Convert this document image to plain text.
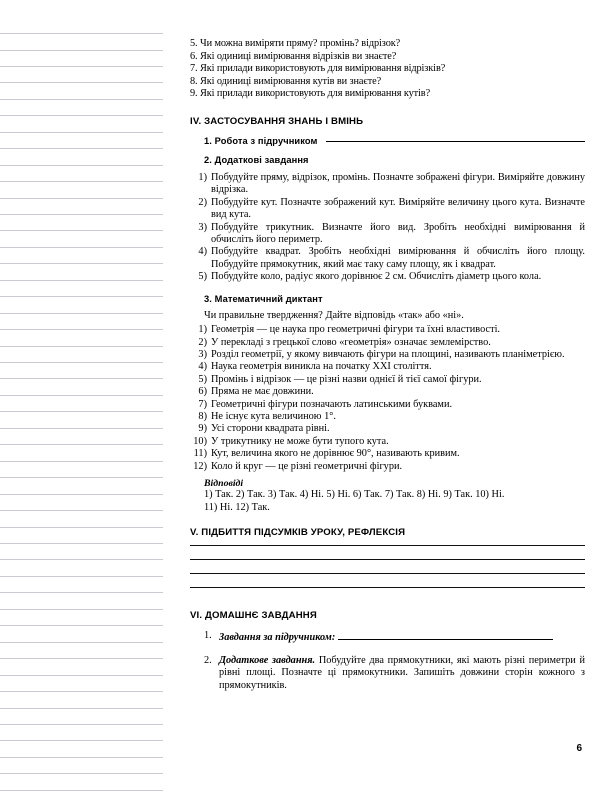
5. Чи можна виміряти пряму? промінь? відрізок?
6. Які одиниці вимірювання відрізків ви знаєте?
7. Які прилади використовують для вимірювання відрізків?
8. Які одиниці вимірювання кутів ви знаєте?
9. Які прилади використовують для вимірювання кутів?
IV. ЗАСТОСУВАННЯ ЗНАНЬ І ВМІНЬ
1. Робота з підручником
2. Додаткові завдання
1) Побудуйте пряму, відрізок, промінь. Позначте зображені фігури. Виміряйте довжину відрізка.
2) Побудуйте кут. Позначте зображений кут. Виміряйте величину цього кута. Визначте вид кута.
3) Побудуйте трикутник. Визначте його вид. Зробіть необхідні вимірювання й обчисліть його периметр.
4) Побудуйте квадрат. Зробіть необхідні вимірювання й обчисліть його площу. Побудуйте прямокутник, який має таку саму площу, як і квадрат.
5) Побудуйте коло, радіус якого дорівнює 2 см. Обчисліть діаметр цього кола.
3. Математичний диктант
Чи правильне твердження? Дайте відповідь «так» або «ні».
1) Геометрія — це наука про геометричні фігури та їхні властивості.
2) У перекладі з грецької слово «геометрія» означає землемірство.
3) Розділ геометрії, у якому вивчають фігури на площині, називають планіметрією.
4) Наука геометрія виникла на початку XXI століття.
5) Промінь і відрізок — це різні назви однієї й тієї самої фігури.
6) Пряма не має довжини.
7) Геометричні фігури позначають латинськими буквами.
8) Не існує кута величиною 1°.
9) Усі сторони квадрата рівні.
10) У трикутнику не може бути тупого кута.
11) Кут, величина якого не дорівнює 90°, називають кривим.
12) Коло й круг — це різні геометричні фігури.
Відповіді
1) Так. 2) Так. 3) Так. 4) Ні. 5) Ні. 6) Так. 7) Так. 8) Ні. 9) Так. 10) Ні.
11) Ні. 12) Так.
V. ПІДБИТТЯ ПІДСУМКІВ УРОКУ, РЕФЛЕКСІЯ
VI. ДОМАШНЄ ЗАВДАННЯ
1. Завдання за підручником:
2. Додаткове завдання. Побудуйте два прямокутники, які мають різні периметри й рівні площі. Позначте ці прямокутники. Запишіть довжини сторін кожного з прямокутників.
6
